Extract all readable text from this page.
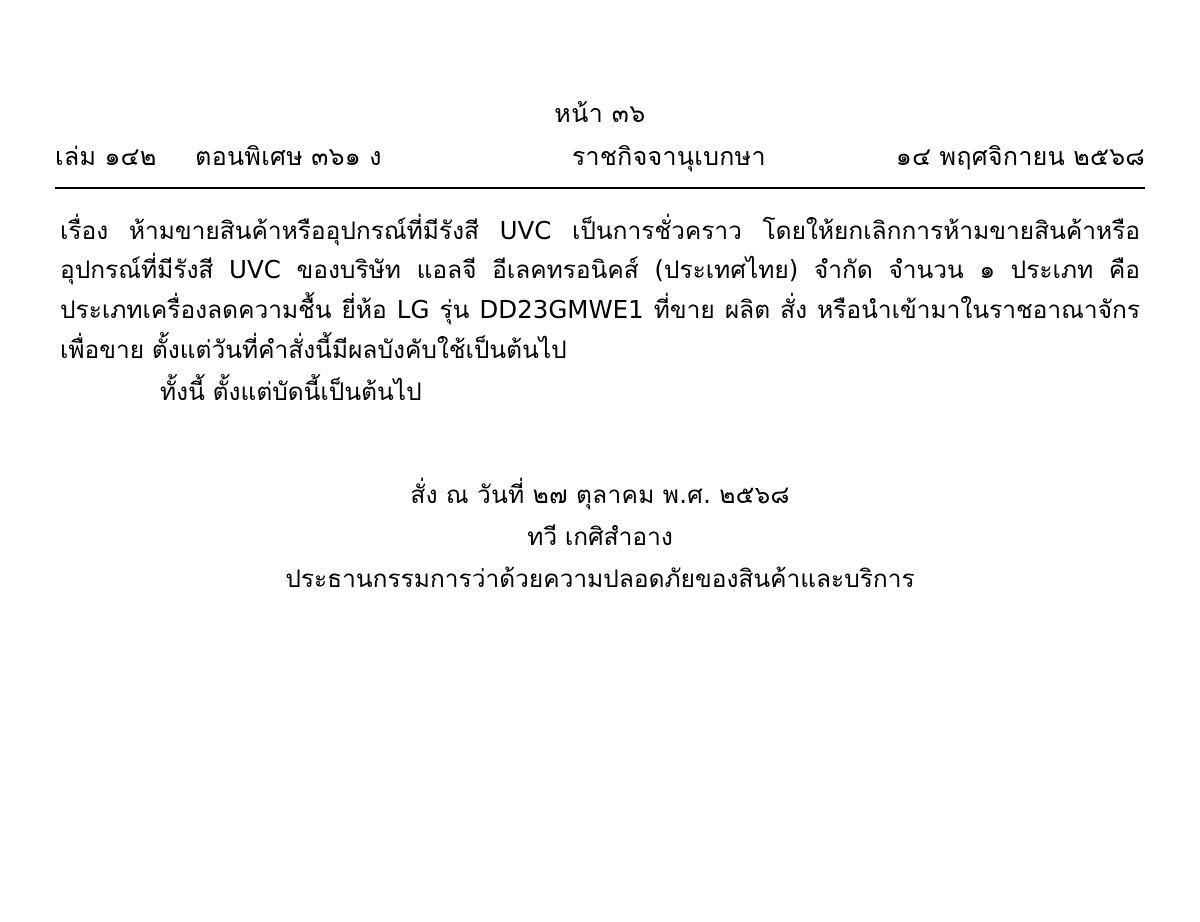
หน้า ๓๖
เล่ม ๑๔๒ ตอนพิเศษ ๓๖๑ ง	ราชกิจจานุเบกษา	๑๔ พฤศจิกายน ๒๕๖๘
เรื่อง ห้ามขายสินค้าหรืออุปกรณ์ที่มีรังสี UVC เป็นการชั่วคราว โดยให้ยกเลิกการห้ามขายสินค้าหรืออุปกรณ์ที่มีรังสี UVC ของบริษัท แอลจี อีเลคทรอนิคส์ (ประเทศไทย) จำกัด จำนวน ๑ ประเภท คือ ประเภทเครื่องลดความชื้น ยี่ห้อ LG รุ่น DD23GMWE1 ที่ขาย ผลิต สั่ง หรือนำเข้ามาในราชอาณาจักรเพื่อขาย ตั้งแต่วันที่คำสั่งนี้มีผลบังคับใช้เป็นต้นไป
ทั้งนี้ ตั้งแต่บัดนี้เป็นต้นไป
สั่ง ณ วันที่ ๒๗ ตุลาคม พ.ศ. ๒๕๖๘
ทวี เกศิสำอาง
ประธานกรรมการว่าด้วยความปลอดภัยของสินค้าและบริการ
